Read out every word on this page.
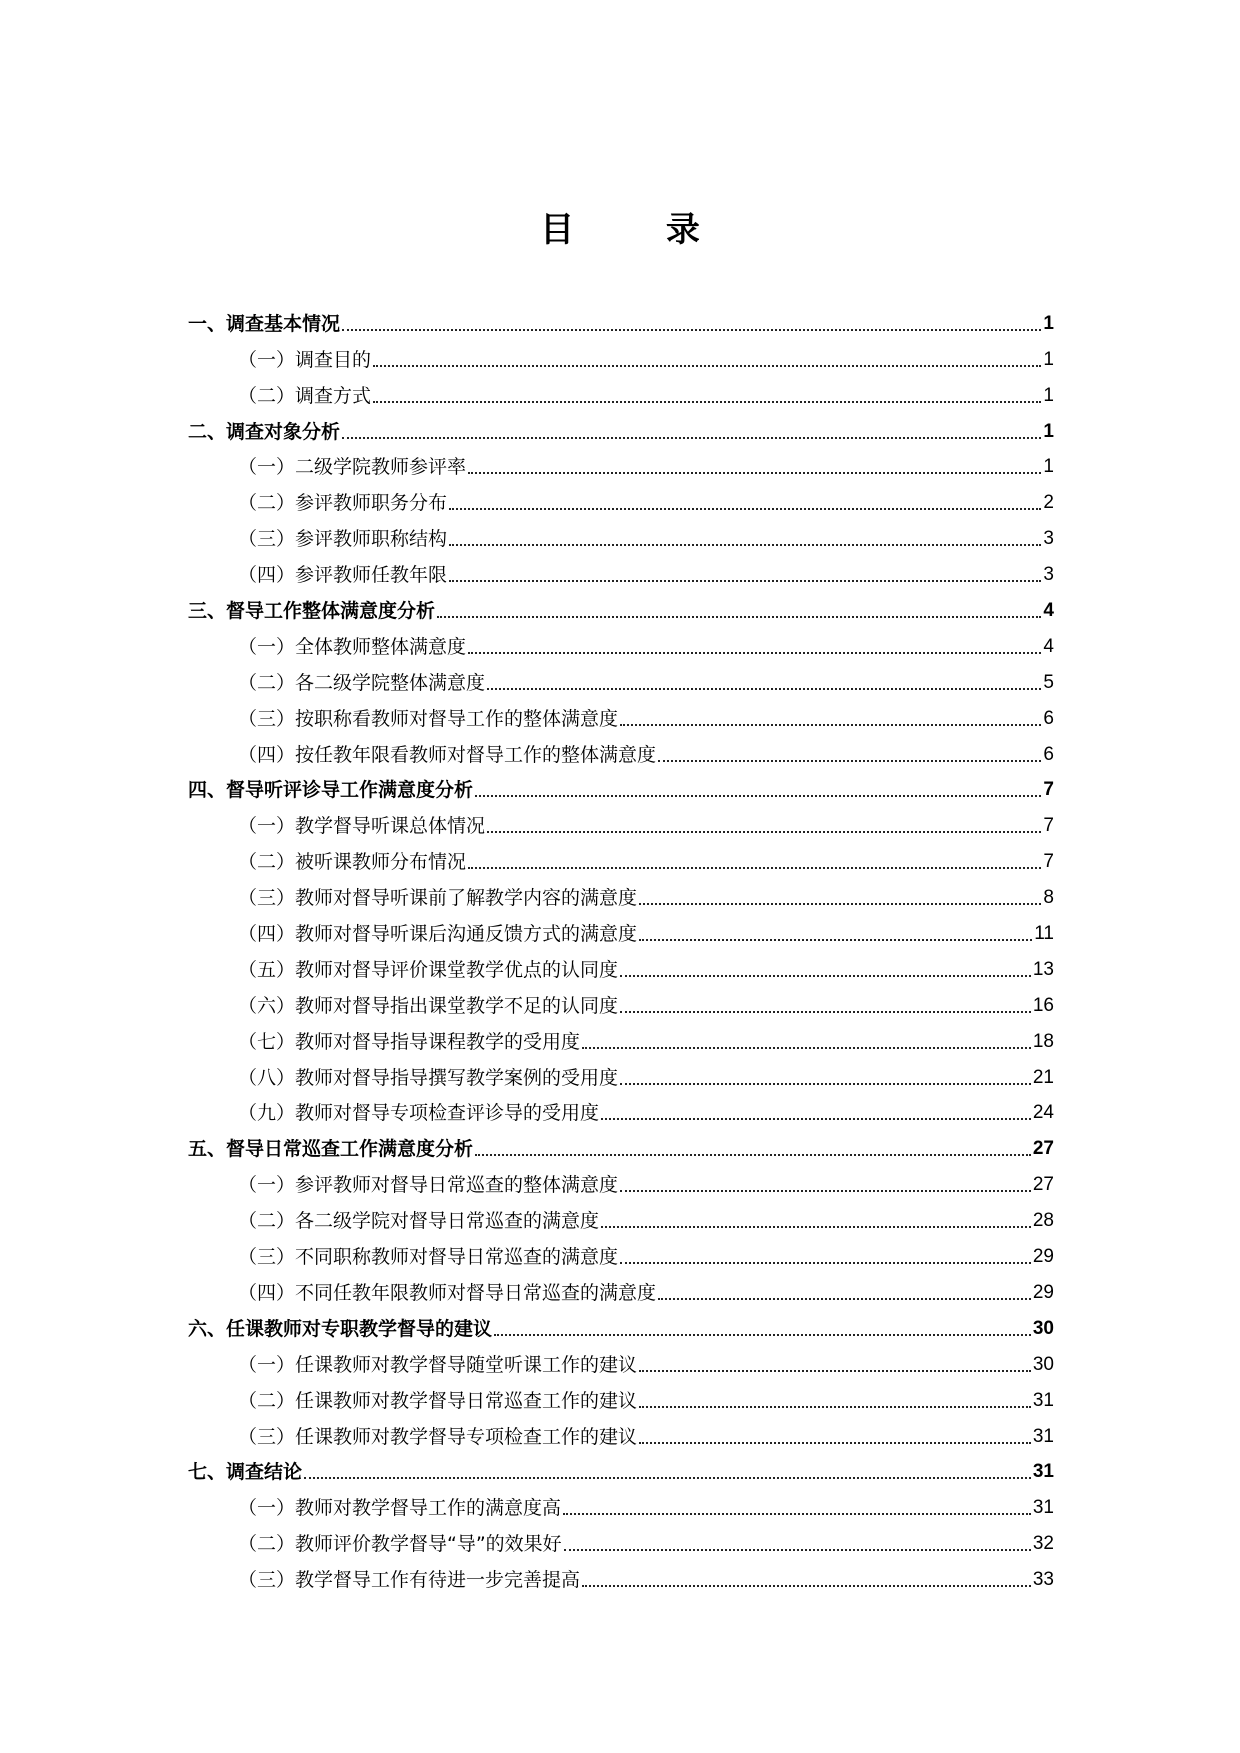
目 录
一、调查基本情况	1
（一）调查目的	1
（二）调查方式	1
二、调查对象分析	1
（一）二级学院教师参评率	1
（二）参评教师职务分布	2
（三）参评教师职称结构	3
（四）参评教师任教年限	3
三、督导工作整体满意度分析	4
（一）全体教师整体满意度	4
（二）各二级学院整体满意度	5
（三）按职称看教师对督导工作的整体满意度	6
（四）按任教年限看教师对督导工作的整体满意度	6
四、督导听评诊导工作满意度分析	7
（一）教学督导听课总体情况	7
（二）被听课教师分布情况	7
（三）教师对督导听课前了解教学内容的满意度	8
（四）教师对督导听课后沟通反馈方式的满意度	11
（五）教师对督导评价课堂教学优点的认同度	13
（六）教师对督导指出课堂教学不足的认同度	16
（七）教师对督导指导课程教学的受用度	18
（八）教师对督导指导撰写教学案例的受用度	21
（九）教师对督导专项检查评诊导的受用度	24
五、督导日常巡查工作满意度分析	27
（一）参评教师对督导日常巡查的整体满意度	27
（二）各二级学院对督导日常巡查的满意度	28
（三）不同职称教师对督导日常巡查的满意度	29
（四）不同任教年限教师对督导日常巡查的满意度	29
六、任课教师对专职教学督导的建议	30
（一）任课教师对教学督导随堂听课工作的建议	30
（二）任课教师对教学督导日常巡查工作的建议	31
（三）任课教师对教学督导专项检查工作的建议	31
七、调查结论	31
（一）教师对教学督导工作的满意度高	31
（二）教师评价教学督导“导”的效果好	32
（三）教学督导工作有待进一步完善提高	33
